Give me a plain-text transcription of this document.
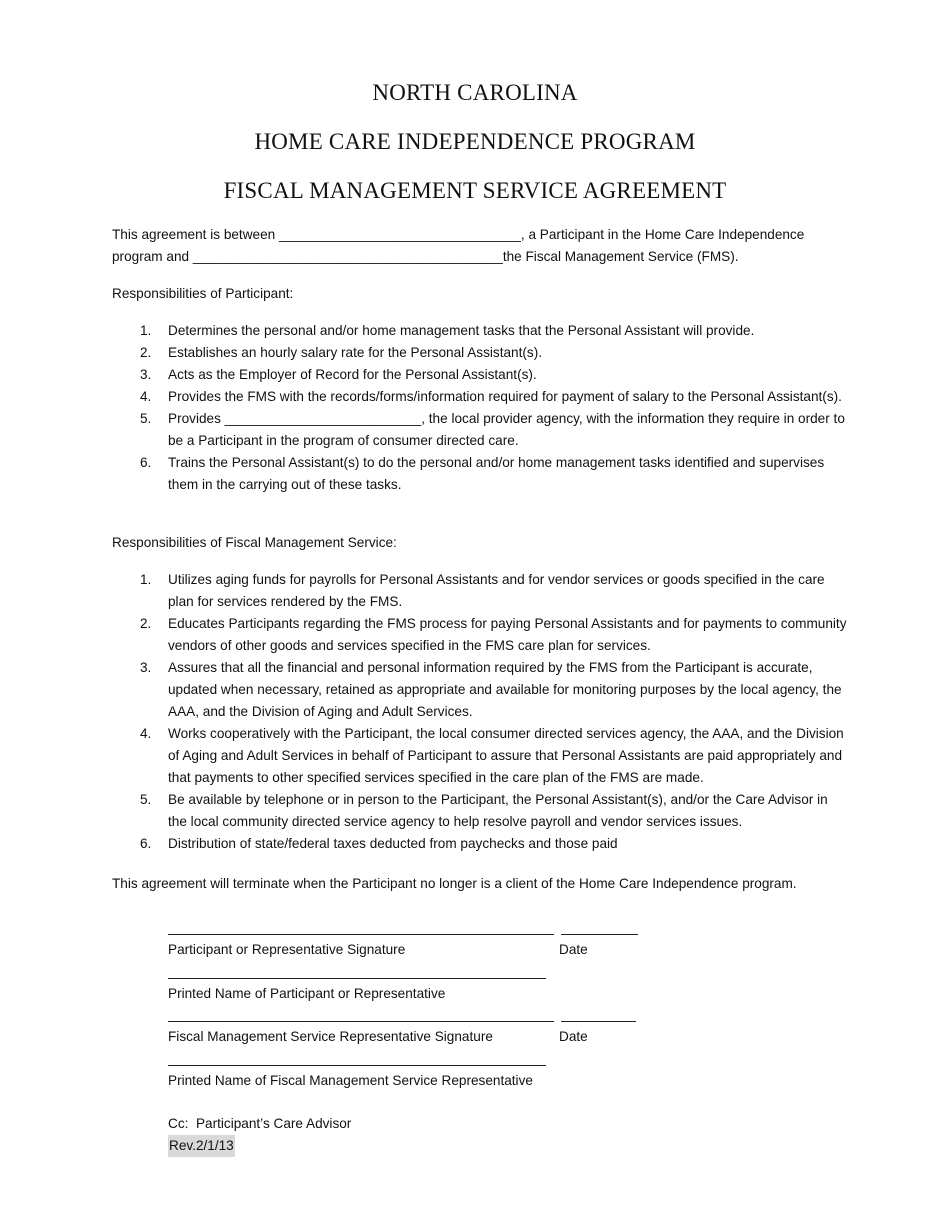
NORTH CAROLINA
HOME CARE INDEPENDENCE PROGRAM
FISCAL MANAGEMENT SERVICE AGREEMENT
This agreement is between ________________________________, a Participant in the Home Care Independence
program and _________________________________________the Fiscal Management Service (FMS).
Responsibilities of Participant:
1. Determines the personal and/or home management tasks that the Personal Assistant will provide.
2. Establishes an hourly salary rate for the Personal Assistant(s).
3. Acts as the Employer of Record for the Personal Assistant(s).
4. Provides the FMS with the records/forms/information required for payment of salary to the Personal Assistant(s).
5. Provides __________________________, the local provider agency, with the information they require in order to be a Participant in the program of consumer directed care.
6. Trains the Personal Assistant(s) to do the personal and/or home management tasks identified and supervises them in the carrying out of these tasks.
Responsibilities of Fiscal Management Service:
1. Utilizes aging funds for payrolls for Personal Assistants and for vendor services or goods specified in the care plan for services rendered by the FMS.
2. Educates Participants regarding the FMS process for paying Personal Assistants and for payments to community vendors of other goods and services specified in the FMS care plan for services.
3. Assures that all the financial and personal information required by the FMS from the Participant is accurate, updated when necessary, retained as appropriate and available for monitoring purposes by the local agency, the AAA, and the Division of Aging and Adult Services.
4. Works cooperatively with the Participant, the local consumer directed services agency, the AAA, and the Division of Aging and Adult Services in behalf of Participant to assure that Personal Assistants are paid appropriately and that payments to other specified services specified in the care plan of the FMS are made.
5. Be available by telephone or in person to the Participant, the Personal Assistant(s), and/or the Care Advisor in the local community directed service agency to help resolve payroll and vendor services issues.
6. Distribution of state/federal taxes deducted from paychecks and those paid
This agreement will terminate when the Participant no longer is a client of the Home Care Independence program.
Participant or Representative Signature	Date
Printed Name of Participant or Representative
Fiscal Management Service Representative Signature	Date
Printed Name of Fiscal Management Service Representative
Cc:  Participant’s Care Advisor
Rev.2/1/13
